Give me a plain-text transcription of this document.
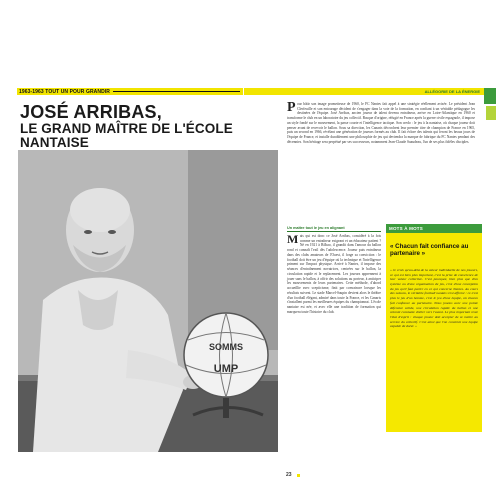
1963-1963 TOUT UN POUR GRANDIR	ALLÉGORIE DE LA ÉNERGIE
JOSÉ ARRIBAS,
LE GRAND MAÎTRE DE L'ÉCOLE NANTAISE
SOMMS
UMP
Pour bâtir son image prometteuse de 1960, le FC Nantes fait appel à une stratégie réellement avisée. Le président Jean Clerfeuille et son entourage décident de s'engager dans la voie de la formation, en confiant à un véritable pédagogue les destinées de l'équipe. José Arribas, ancien joueur de talent devenu entraîneur, arrive en Loire-Atlantique en 1960 et transforme le club en un laboratoire du jeu collectif. Basque d'origine, réfugié en France après la guerre civile espagnole, il impose un style fondé sur le mouvement, la passe courte et l'intelligence tactique. Son credo : le jeu à la nantaise, où chaque joueur doit penser avant de recevoir le ballon. Sous sa direction, les Canaris décrochent leur premier titre de champion de France en 1965, puis un second en 1966, révélant une génération de joueurs formés au club. Il fait éclore des talents qui feront les beaux jours de l'équipe de France, et installe durablement une philosophie de jeu qui deviendra la marque de fabrique du FC Nantes pendant des décennies. Son héritage sera perpétué par ses successeurs, notamment Jean-Claude Suaudeau, l'un de ses plus fidèles disciples.
Un maître tout le jeu en alignant
Mais qui est donc ce José Arribas, considéré à la fois comme un entraîneur exigeant et un éducateur patient ? Né en 1921 à Bilbao, il grandit dans l'amour du ballon rond et connaît l'exil dès l'adolescence. Joueur puis entraîneur dans des clubs amateurs de l'Ouest, il forge sa conviction : le football doit être un jeu d'équipe où la technique et l'intelligence priment sur l'impact physique. Arrivé à Nantes, il impose des séances d'entraînement novatrices, centrées sur le ballon, la circulation rapide et le replacement. Les joueurs apprennent à jouer sans le ballon, à offrir des solutions au porteur, à anticiper les mouvements de leurs partenaires. Cette méthode, d'abord accueillie avec scepticisme, finit par convaincre lorsque les résultats suivent. Le stade Marcel-Saupin devient alors le théâtre d'un football élégant, admiré dans toute la France, et les Canaris s'installent parmi les meilleures équipes du championnat. L'école nantaise est née, et avec elle une tradition de formation qui marquera toute l'histoire du club.
MOTS À MOTS
« Chacun fait confiance au partenaire »
« Je crois qu'au-delà de la valeur individuelle de nos joueurs, ce qui est bien plus important, c'est la prise de conscience de leur valeur collective. C'est pourquoi, bien plus que d'un système ou d'une organisation de jeu, c'est d'une conception du jeu qu'il faut parler en ce qui concerne Nantes. Au cours des saisons, le véritable football nantais s'est affirmé : ce n'est plus le jeu d'un homme, c'est le jeu d'une équipe, où chacun fait confiance au partenaire. Nous jouons avec une pointe défensive solide, une circulation rapide du ballon et une volonté constante d'aller vers l'avant. Le plus important reste l'état d'esprit : chaque joueur doit accepter de se mettre au service du collectif. C'est ainsi que l'on construit une équipe capable de durer. »
23
